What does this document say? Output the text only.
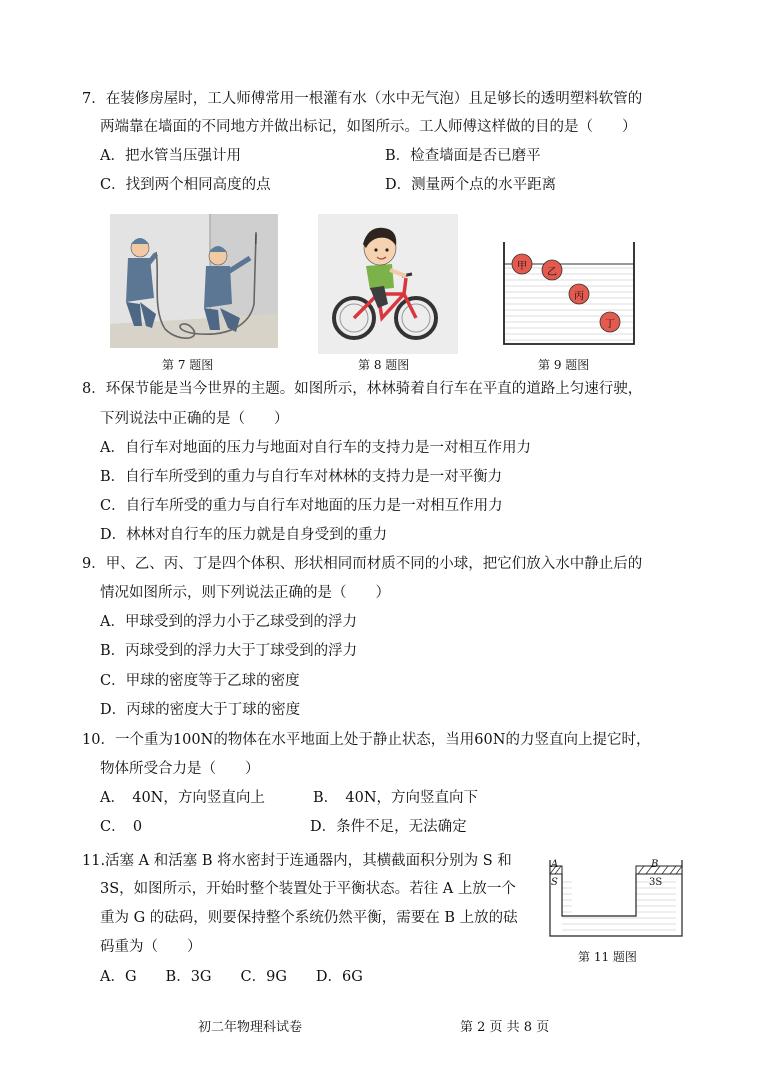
7．在装修房屋时，工人师傅常用一根灌有水（水中无气泡）且足够长的透明塑料软管的
两端靠在墙面的不同地方并做出标记，如图所示。工人师傅这样做的目的是（　　）
A．把水管当压强计用	B．检查墙面是否已磨平
C．找到两个相同高度的点	D．测量两个点的水平距离
第 7 题图	第 8 题图
甲
乙
丙
丁
第 9 题图
8．环保节能是当今世界的主题。如图所示，林林骑着自行车在平直的道路上匀速行驶，
下列说法中正确的是（　　）
A．自行车对地面的压力与地面对自行车的支持力是一对相互作用力
B．自行车所受到的重力与自行车对林林的支持力是一对平衡力
C．自行车所受的重力与自行车对地面的压力是一对相互作用力
D．林林对自行车的压力就是自身受到的重力
9．甲、乙、丙、丁是四个体积、形状相同而材质不同的小球，把它们放入水中静止后的
情况如图所示，则下列说法正确的是（　　）
A．甲球受到的浮力小于乙球受到的浮力
B．丙球受到的浮力大于丁球受到的浮力
C．甲球的密度等于乙球的密度
D．丙球的密度大于丁球的密度
10．一个重为100N的物体在水平地面上处于静止状态，当用60N的力竖直向上提它时，
物体所受合力是（　　）
A．　40N，方向竖直向上	B．　40N，方向竖直向下
C．　0	D．条件不足，无法确定
11.活塞 A 和活塞 B 将水密封于连通器内，其横截面积分别为 S 和
3S，如图所示，开始时整个装置处于平衡状态。若往 A 上放一个
重为 G 的砝码，则要保持整个系统仍然平衡，需要在 B 上放的砝
码重为（　　）
A．G　　B．3G　　C．9G　　D．6G
A	B
S	3S
第 11 题图
初二年物理科试卷	第 2 页 共 8 页
